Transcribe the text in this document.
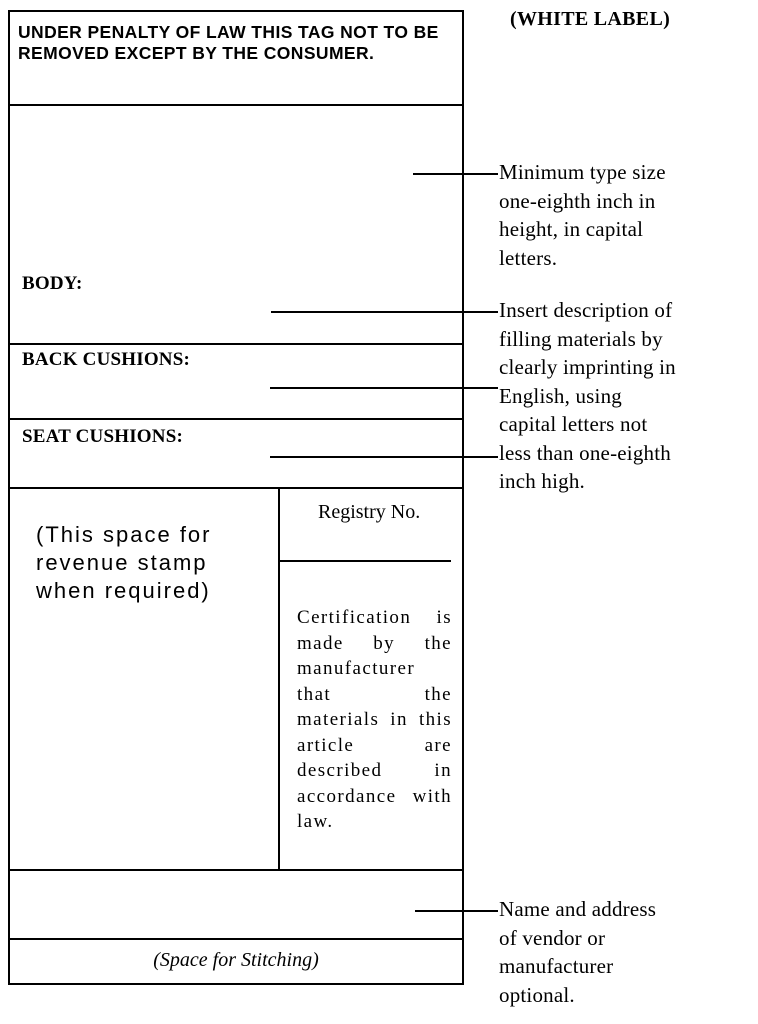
UNDER PENALTY OF LAW THIS TAG NOT TO BE REMOVED EXCEPT BY THE CONSUMER.
(WHITE LABEL)
BODY:
BACK CUSHIONS:
SEAT CUSHIONS:
(This space for
revenue stamp
when required)
Registry No.
Certification is made by the manufacturer that the materials in this article are described in accordance with law.
(Space for Stitching)
Minimum type size
one-eighth inch in
height, in capital
letters.
Insert description of
filling materials by
clearly imprinting in
English, using
capital letters not
less than one-eighth
inch high.
Name and address
of vendor or
manufacturer
optional.
